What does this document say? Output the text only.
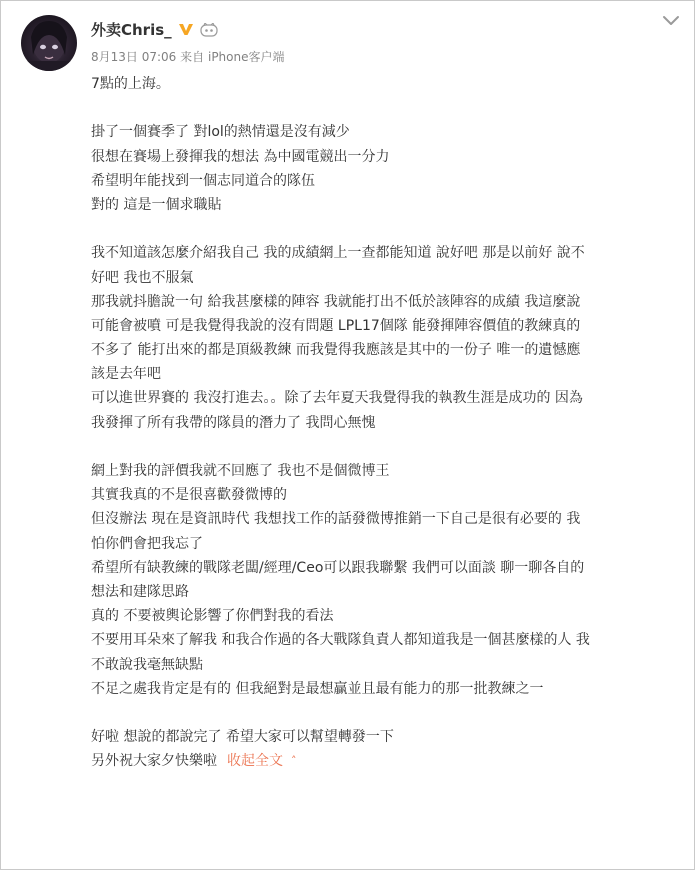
外卖Chris_
8月13日 07:06
来自
iPhone客户端
7點的上海。
掛了一個賽季了 對lol的熱情還是沒有減少
很想在賽場上發揮我的想法 為中國電競出一分力
希望明年能找到一個志同道合的隊伍
對的 這是一個求職貼
我不知道該怎麼介紹我自己 我的成績網上一查都能知道 說好吧 那是以前好 說不
好吧 我也不服氣
那我就抖膽說一句 給我甚麼樣的陣容 我就能打出不低於該陣容的成績 我這麼說
可能會被噴 可是我覺得我說的沒有問題 LPL17個隊 能發揮陣容價值的教練真的
不多了 能打出來的都是頂級教練 而我覺得我應該是其中的一份子 唯一的遺憾應
該是去年吧
可以進世界賽的 我沒打進去。。除了去年夏天我覺得我的執教生涯是成功的 因為
我發揮了所有我帶的隊員的潛力了 我問心無愧
網上對我的評價我就不回應了 我也不是個微博王
其實我真的不是很喜歡發微博的
但沒辦法 現在是資訊時代 我想找工作的話發微博推銷一下自己是很有必要的 我
怕你們會把我忘了
希望所有缺教練的戰隊老闆/經理/Ceo可以跟我聯繫 我們可以面談 聊一聊各自的
想法和建隊思路
真的 不要被輿论影響了你們對我的看法
不要用耳朵來了解我 和我合作過的各大戰隊負責人都知道我是一個甚麼樣的人 我
不敢說我毫無缺點
不足之處我肯定是有的 但我絕對是最想贏並且最有能力的那一批教練之一
好啦 想說的都說完了 希望大家可以幫望轉發一下
另外祝大家夕快樂啦 收起全文 ˄
